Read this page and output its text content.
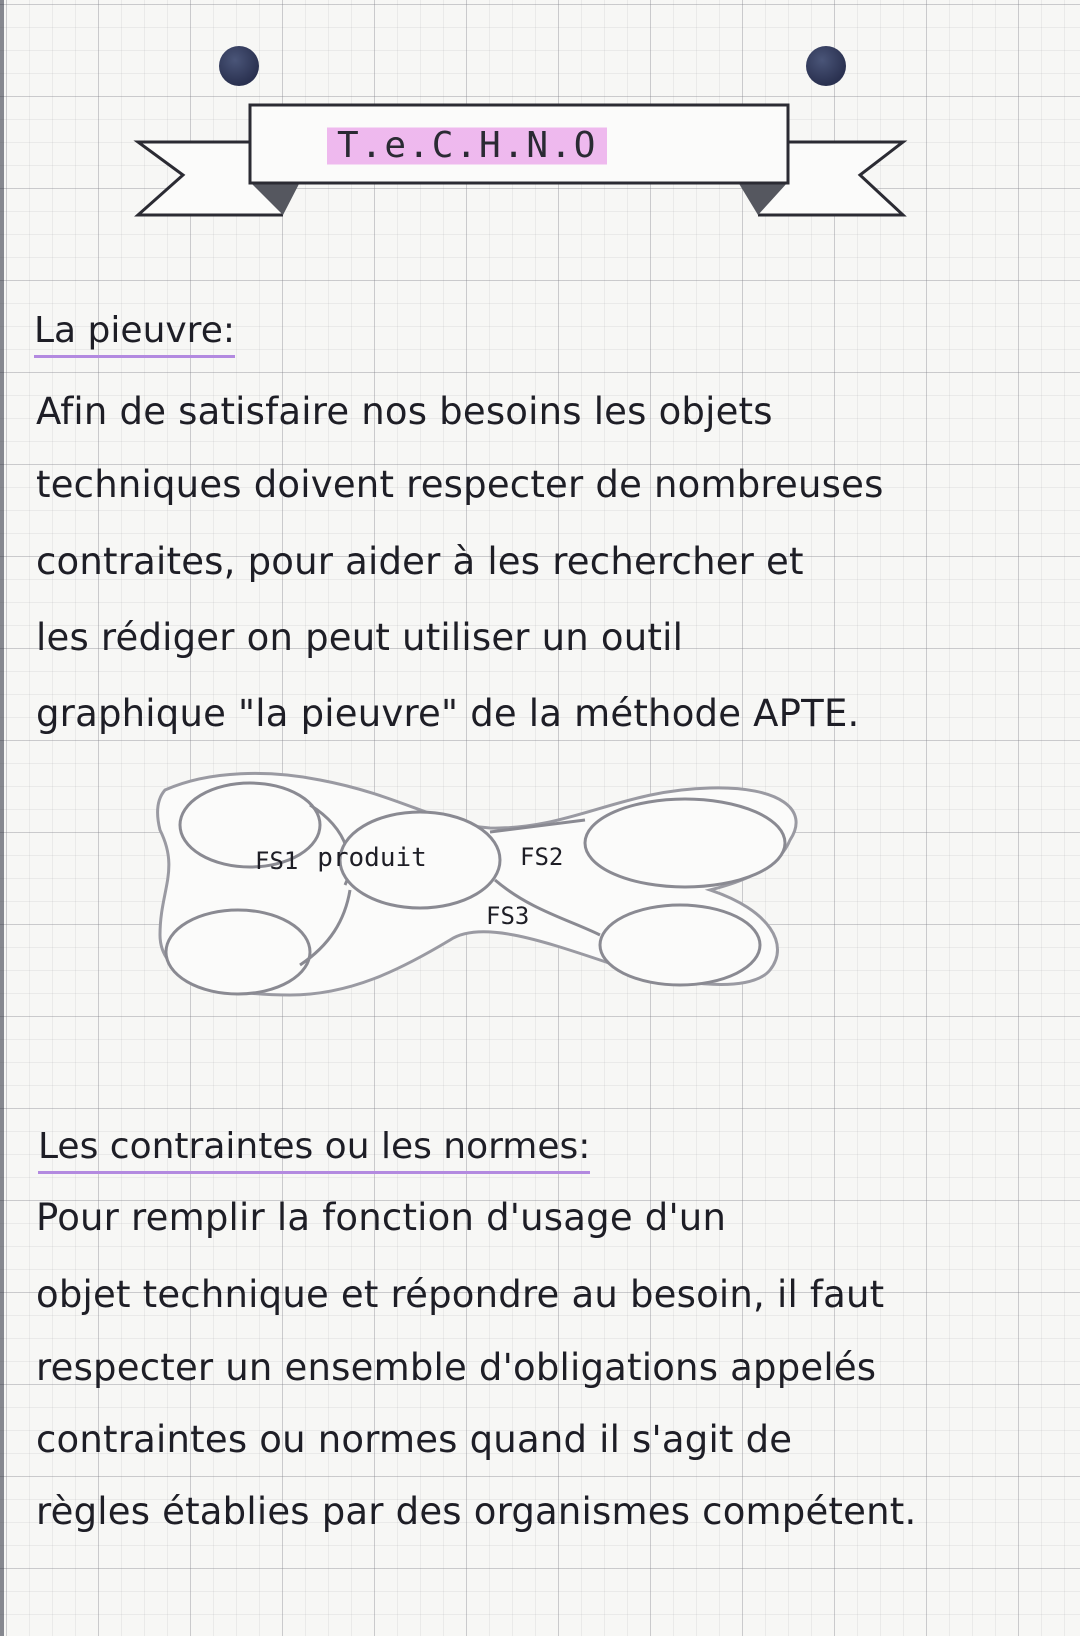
T.e.C.H.N.O
La pieuvre:
Afin de satisfaire nos besoins les objets
techniques doivent respecter de nombreuses
contraites, pour aider à les rechercher et
les rédiger on peut utiliser un outil
graphique "la pieuvre" de la méthode APTE.
produit
FS1	FS2
FS3
Les contraintes ou les normes:
Pour remplir la fonction d'usage d'un
objet technique et répondre au besoin, il faut
respecter un ensemble d'obligations appelés
contraintes ou normes quand il s'agit de
règles établies par des organismes compétent.
